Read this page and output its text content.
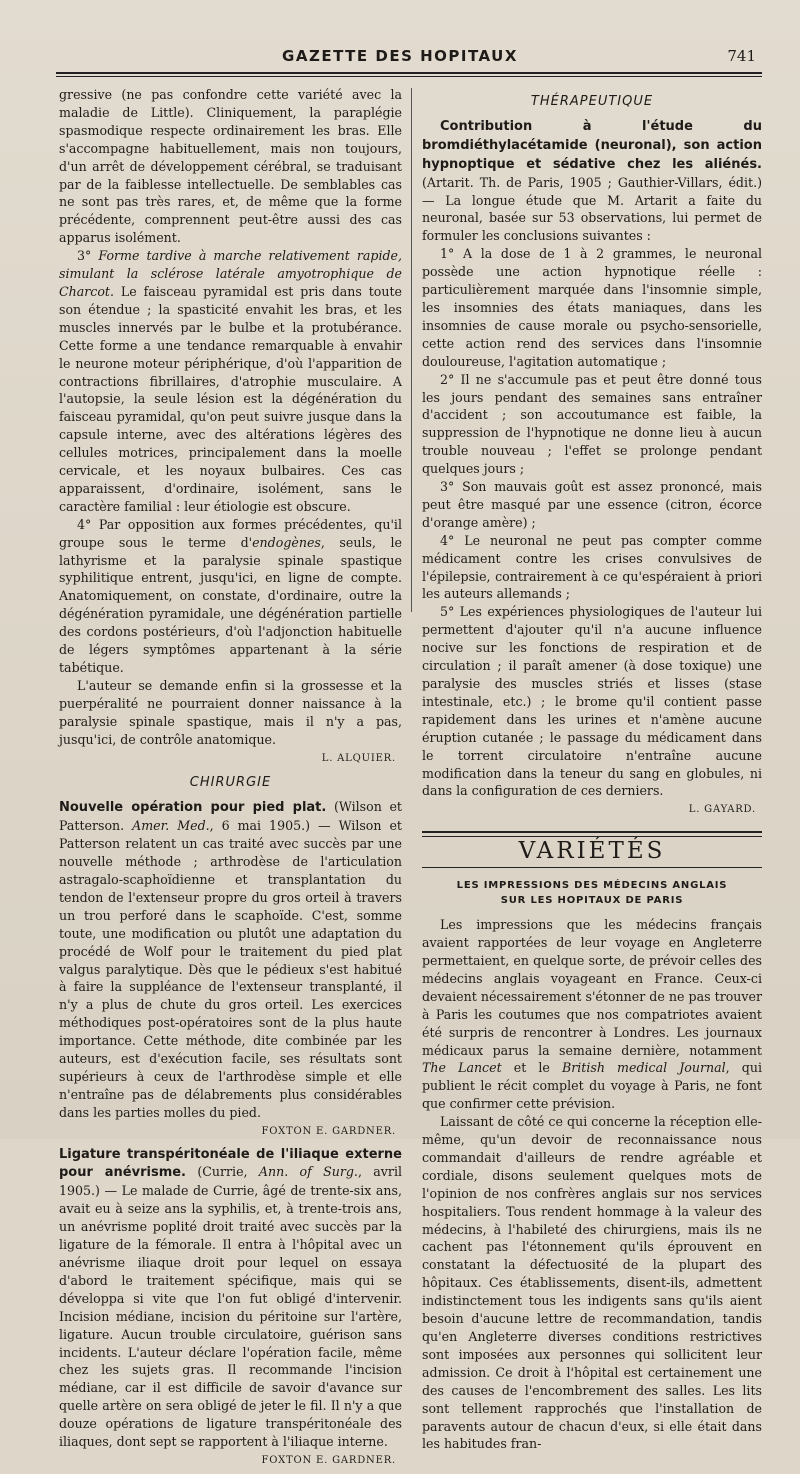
GAZETTE DES HOPITAUX	741

gressive (ne pas confondre cette variété avec la maladie de Little). Cliniquement, la paraplégie spasmodique respecte ordinairement les bras. Elle s'accompagne habituellement, mais non toujours, d'un arrêt de développement cérébral, se traduisant par de la faiblesse intellectuelle. De semblables cas ne sont pas très rares, et, de même que la forme précédente, comprennent peut-être aussi des cas apparus isolément.

3° Forme tardive à marche relativement rapide, simulant la sclérose latérale amyotrophique de Charcot. Le faisceau pyramidal est pris dans toute son étendue ; la spasticité envahit les bras, et les muscles innervés par le bulbe et la protubérance. Cette forme a une tendance remarquable à envahir le neurone moteur périphérique, d'où l'apparition de contractions fibrillaires, d'atrophie musculaire. A l'autopsie, la seule lésion est la dégénération du faisceau pyramidal, qu'on peut suivre jusque dans la capsule interne, avec des altérations légères des cellules motrices, principalement dans la moelle cervicale, et les noyaux bulbaires. Ces cas apparaissent, d'ordinaire, isolément, sans le caractère familial : leur étiologie est obscure.

4° Par opposition aux formes précédentes, qu'il groupe sous le terme d'endogènes, seuls, le lathyrisme et la paralysie spinale spastique syphilitique entrent, jusqu'ici, en ligne de compte. Anatomiquement, on constate, d'ordinaire, outre la dégénération pyramidale, une dégénération partielle des cordons postérieurs, d'où l'adjonction habituelle de légers symptômes appartenant à la série tabétique.

L'auteur se demande enfin si la grossesse et la puerpéralité ne pourraient donner naissance à la paralysie spinale spastique, mais il n'y a pas, jusqu'ici, de contrôle anatomique.

L. ALQUIER.
CHIRURGIE

Nouvelle opération pour pied plat. (Wilson et Patterson. Amer. Med., 6 mai 1905.) — Wilson et Patterson relatent un cas traité avec succès par une nouvelle méthode ; arthrodèse de l'articulation astragalo-scaphoïdienne et transplantation du tendon de l'extenseur propre du gros orteil à travers un trou perforé dans le scaphoïde. C'est, somme toute, une modification ou plutôt une adaptation du procédé de Wolf pour le traitement du pied plat valgus paralytique. Dès que le pédieux s'est habitué à faire la suppléance de l'extenseur transplanté, il n'y a plus de chute du gros orteil. Les exercices méthodiques post-opératoires sont de la plus haute importance. Cette méthode, dite combinée par les auteurs, est d'exécution facile, ses résultats sont supérieurs à ceux de l'arthrodèse simple et elle n'entraîne pas de délabrements plus considérables dans les parties molles du pied.

FOXTON E. GARDNER.

Ligature transpéritonéale de l'iliaque externe pour anévrisme. (Currie, Ann. of Surg., avril 1905.) — Le malade de Currie, âgé de trente-six ans, avait eu à seize ans la syphilis, et, à trente-trois ans, un anévrisme poplité droit traité avec succès par la ligature de la fémorale. Il entra à l'hôpital avec un anévrisme iliaque droit pour lequel on essaya d'abord le traitement spécifique, mais qui se développa si vite que l'on fut obligé d'intervenir. Incision médiane, incision du péritoine sur l'artère, ligature. Aucun trouble circulatoire, guérison sans incidents. L'auteur déclare l'opération facile, même chez les sujets gras. Il recommande l'incision médiane, car il est difficile de savoir d'avance sur quelle artère on sera obligé de jeter le fil. Il n'y a que douze opérations de ligature transpéritonéale des iliaques, dont sept se rapportent à l'iliaque interne.

FOXTON E. GARDNER.
THÉRAPEUTIQUE

Contribution à l'étude du bromdiéthylacétamide (neuronal), son action hypnoptique et sédative chez les aliénés. (Artarit. Th. de Paris, 1905 ; Gauthier-Villars, édit.) — La longue étude que M. Artarit a faite du neuronal, basée sur 53 observations, lui permet de formuler les conclusions suivantes :

1° A la dose de 1 à 2 grammes, le neuronal possède une action hypnotique réelle : particulièrement marquée dans l'insomnie simple, les insomnies des états maniaques, dans les insomnies de cause morale ou psycho-sensorielle, cette action rend des services dans l'insomnie douloureuse, l'agitation automatique ;

2° Il ne s'accumule pas et peut être donné tous les jours pendant des semaines sans entraîner d'accident ; son accoutumance est faible, la suppression de l'hypnotique ne donne lieu à aucun trouble nouveau ; l'effet se prolonge pendant quelques jours ;

3° Son mauvais goût est assez prononcé, mais peut être masqué par une essence (citron, écorce d'orange amère) ;

4° Le neuronal ne peut pas compter comme médicament contre les crises convulsives de l'épilepsie, contrairement à ce qu'espéraient à priori les auteurs allemands ;

5° Les expériences physiologiques de l'auteur lui permettent d'ajouter qu'il n'a aucune influence nocive sur les fonctions de respiration et de circulation ; il paraît amener (à dose toxique) une paralysie des muscles striés et lisses (stase intestinale, etc.) ; le brome qu'il contient passe rapidement dans les urines et n'amène aucune éruption cutanée ; le passage du médicament dans le torrent circulatoire n'entraîne aucune modification dans la teneur du sang en globules, ni dans la configuration de ces derniers.

L. GAYARD.
VARIÉTÉS
LES IMPRESSIONS DES MÉDECINS ANGLAIS
SUR LES HOPITAUX DE PARIS

Les impressions que les médecins français avaient rapportées de leur voyage en Angleterre permettaient, en quelque sorte, de prévoir celles des médecins anglais voyageant en France. Ceux-ci devaient nécessairement s'étonner de ne pas trouver à Paris les coutumes que nos compatriotes avaient été surpris de rencontrer à Londres. Les journaux médicaux parus la semaine dernière, notamment The Lancet et le British medical Journal, qui publient le récit complet du voyage à Paris, ne font que confirmer cette prévision.

Laissant de côté ce qui concerne la réception elle-même, qu'un devoir de reconnaissance nous commandait d'ailleurs de rendre agréable et cordiale, disons seulement quelques mots de l'opinion de nos confrères anglais sur nos services hospitaliers. Tous rendent hommage à la valeur des médecins, à l'habileté des chirurgiens, mais ils ne cachent pas l'étonnement qu'ils éprouvent en constatant la défectuosité de la plupart des hôpitaux. Ces établissements, disent-ils, admettent indistinctement tous les indigents sans qu'ils aient besoin d'aucune lettre de recommandation, tandis qu'en Angleterre diverses conditions restrictives sont imposées aux personnes qui sollicitent leur admission. Ce droit à l'hôpital est certainement une des causes de l'encombrement des salles. Les lits sont tellement rapprochés que l'installation de paravents autour de chacun d'eux, si elle était dans les habitudes fran-
